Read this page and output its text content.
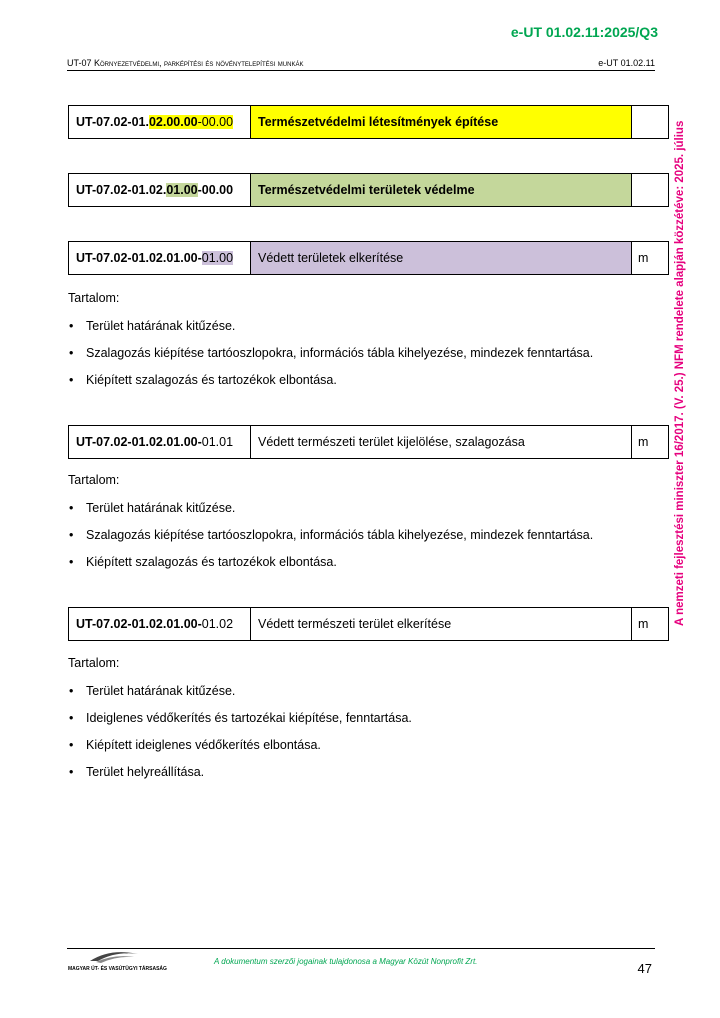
e-UT 01.02.11:2025/Q3
UT-07 Környezetvédelmi, parképítési és növénytelepítési munkák	e-UT 01.02.11
A nemzeti fejlesztési miniszter 16/2017. (V. 25.) NFM rendelete alapján közzétéve: 2025. július
UT-07.02-01. 02.00.00 -00.00	Természetvédelmi létesítmények építése
UT-07.02-01.02. 01.00 -00.00	Természetvédelmi területek védelme
UT-07.02-01.02.01.00- 01.00	Védett területek elkerítése	m

Tartalom:

• Terület határának kitűzése.
• Szalagozás kiépítése tartóoszlopokra, információs tábla kihelyezése, mindezek fenntartása.
• Kiépített szalagozás és tartozékok elbontása.
UT-07.02-01.02.01.00- 01.01	Védett természeti terület kijelölése, szalagozása	m

Tartalom:

• Terület határának kitűzése.
• Szalagozás kiépítése tartóoszlopokra, információs tábla kihelyezése, mindezek fenntartása.
• Kiépített szalagozás és tartozékok elbontása.
UT-07.02-01.02.01.00- 01.02	Védett természeti terület elkerítése	m

Tartalom:

• Terület határának kitűzése.
• Ideiglenes védőkerítés és tartozékai kiépítése, fenntartása.
• Kiépített ideiglenes védőkerítés elbontása.
• Terület helyreállítása.
MAGYAR ÚT- ÉS VASÚTÜGYI TÁRSASÁG
A dokumentum szerzői jogainak tulajdonosa a Magyar Közút Nonprofit Zrt.	47
